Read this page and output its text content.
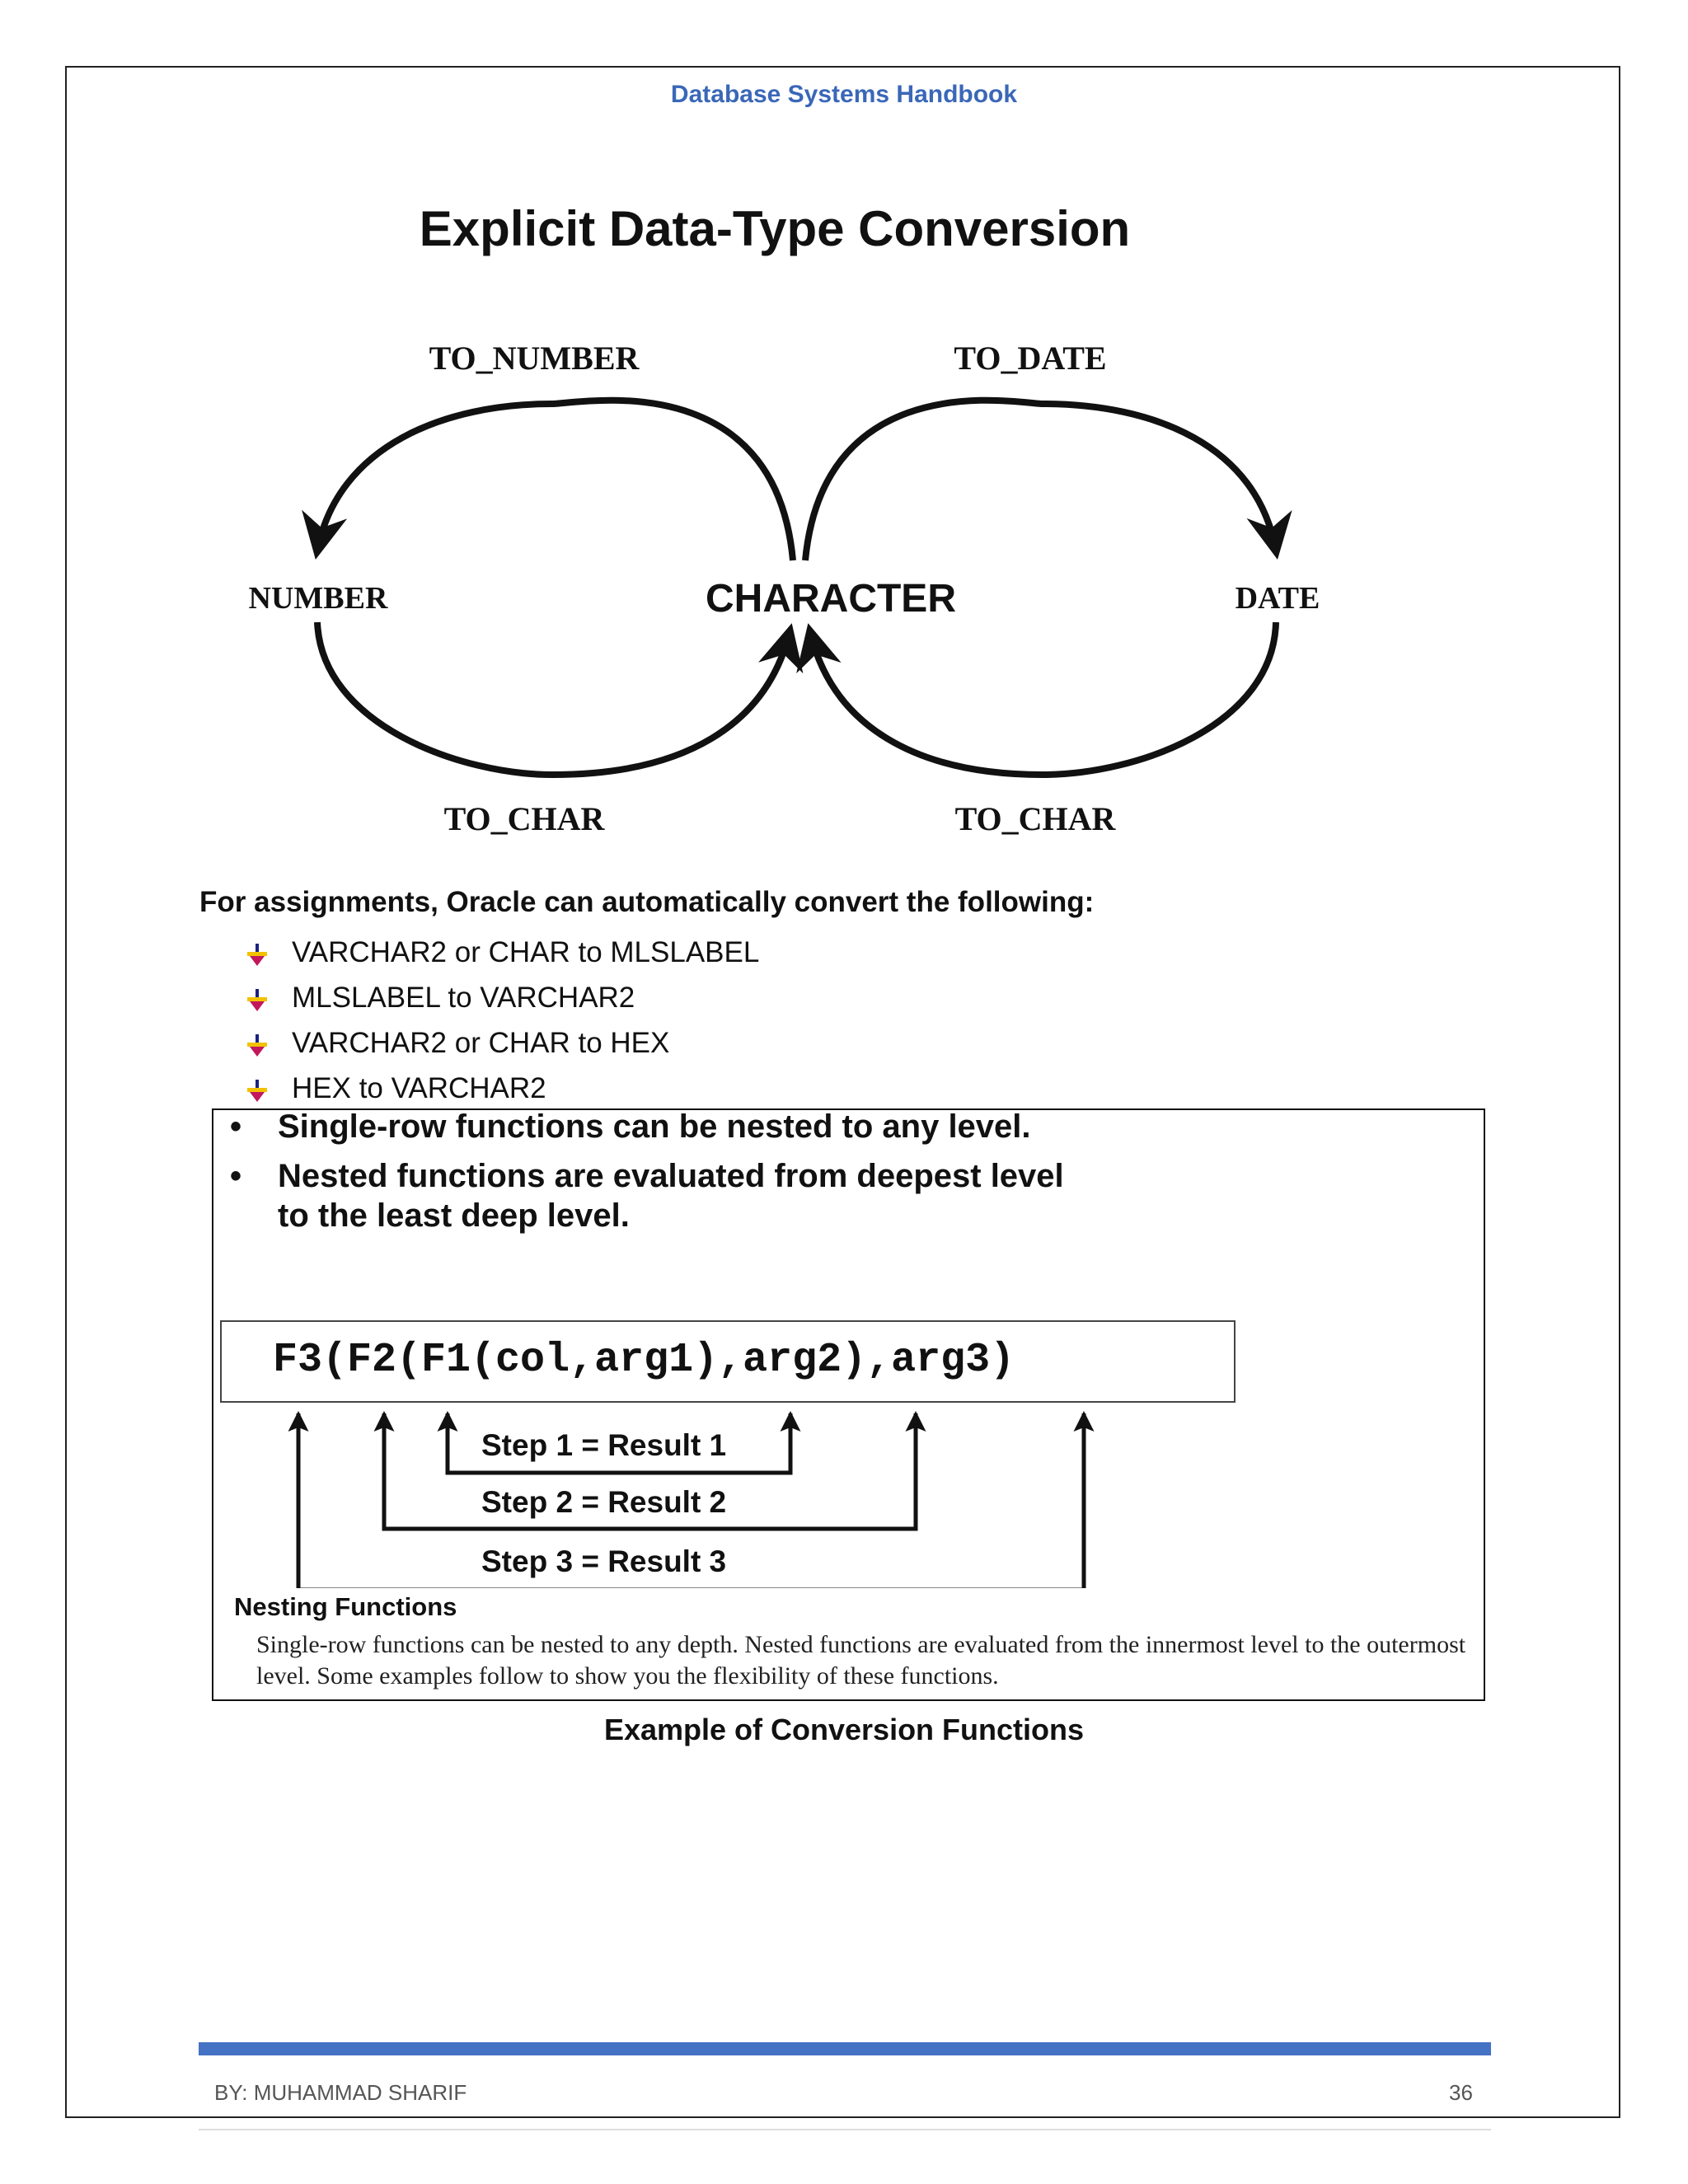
Database Systems Handbook
Explicit Data-Type Conversion
TO_NUMBER	TO_DATE
NUMBER	CHARACTER	DATE
TO_CHAR	TO_CHAR
For assignments, Oracle can automatically convert the following:
VARCHAR2 or CHAR to MLSLABEL
MLSLABEL to VARCHAR2
VARCHAR2 or CHAR to HEX
HEX to VARCHAR2
• Single-row functions can be nested to any level.
• Nested functions are evaluated from deepest level
to the least deep level.
F3(F2(F1(col,arg1),arg2),arg3)
Step 1 = Result 1
Step 2 = Result 2
Step 3 = Result 3
Nesting Functions
Single-row functions can be nested to any depth. Nested functions are evaluated from the innermost level to the outermost level. Some examples follow to show you the flexibility of these functions.
Example of Conversion Functions
BY: MUHAMMAD SHARIF	36
